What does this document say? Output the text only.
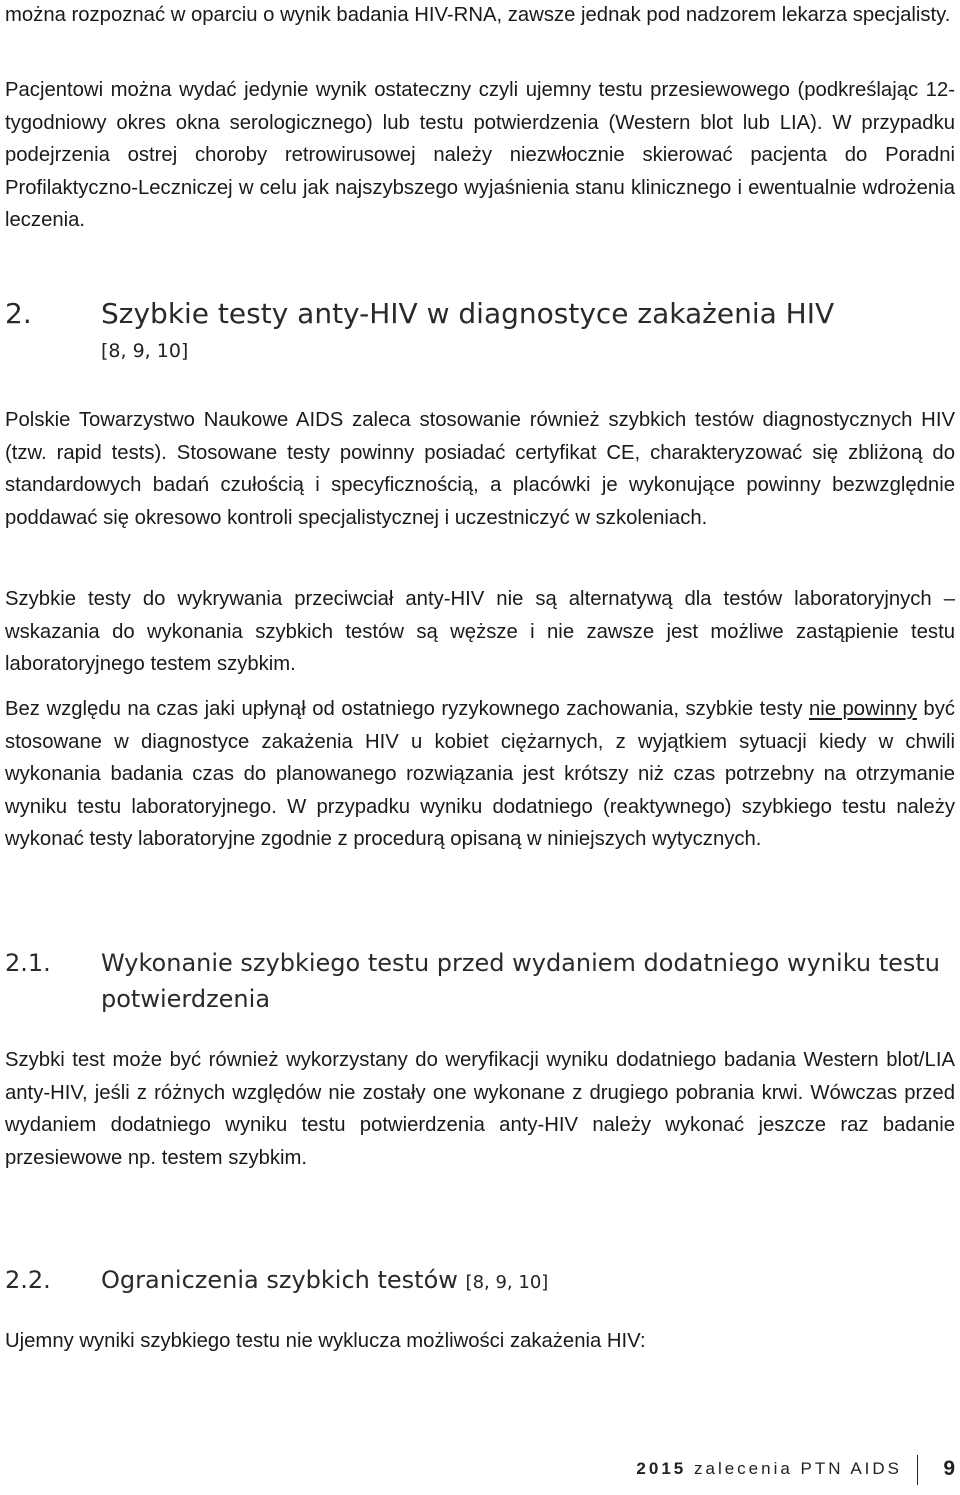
można rozpoznać w oparciu o wynik badania HIV-RNA, zawsze jednak pod nadzorem lekarza specjalisty.

Pacjentowi można wydać jedynie wynik ostateczny czyli ujemny testu przesiewowego (podkreślając 12-tygodniowy okres okna serologicznego) lub testu potwierdzenia (Western blot lub LIA). W przypadku podejrzenia ostrej choroby retrowirusowej należy niezwłocznie skierować pacjenta do Poradni Profilaktyczno-Leczniczej w celu jak najszybszego wyjaśnienia stanu klinicznego i ewentualnie wdrożenia leczenia.

2. Szybkie testy anty-HIV w diagnostyce zakażenia HIV
[8, 9, 10]

Polskie Towarzystwo Naukowe AIDS zaleca stosowanie również szybkich testów diagnostycznych HIV (tzw. rapid tests). Stosowane testy powinny posiadać certyfikat CE, charakteryzować się zbliżoną do standardowych badań czułością i specyficznością, a placówki je wykonujące powinny bezwzględnie poddawać się okresowo kontroli specjalistycznej i uczestniczyć w szkoleniach.

Szybkie testy do wykrywania przeciwciał anty-HIV nie są alternatywą dla testów laboratoryjnych – wskazania do wykonania szybkich testów są węższe i nie zawsze jest możliwe zastąpienie testu laboratoryjnego testem szybkim.

Bez względu na czas jaki upłynął od ostatniego ryzykownego zachowania, szybkie testy nie powinny być stosowane w diagnostyce zakażenia HIV u kobiet ciężarnych, z wyjątkiem sytuacji kiedy w chwili wykonania badania czas do planowanego rozwiązania jest krótszy niż czas potrzebny na otrzymanie wyniku testu laboratoryjnego. W przypadku wyniku dodatniego (reaktywnego) szybkiego testu należy wykonać testy laboratoryjne zgodnie z procedurą opisaną w niniejszych wytycznych.

2.1. Wykonanie szybkiego testu przed wydaniem dodatniego wyniku testu potwierdzenia

Szybki test może być również wykorzystany do weryfikacji wyniku dodatniego badania Western blot/LIA anty-HIV, jeśli z różnych względów nie zostały one wykonane z drugiego pobrania krwi. Wówczas przed wydaniem dodatniego wyniku testu potwierdzenia anty-HIV należy wykonać jeszcze raz badanie przesiewowe np. testem szybkim.

2.2. Ograniczenia szybkich testów [8, 9, 10]

Ujemny wyniki szybkiego testu nie wyklucza możliwości zakażenia HIV:

2015 zalecenia PTN AIDS 9
